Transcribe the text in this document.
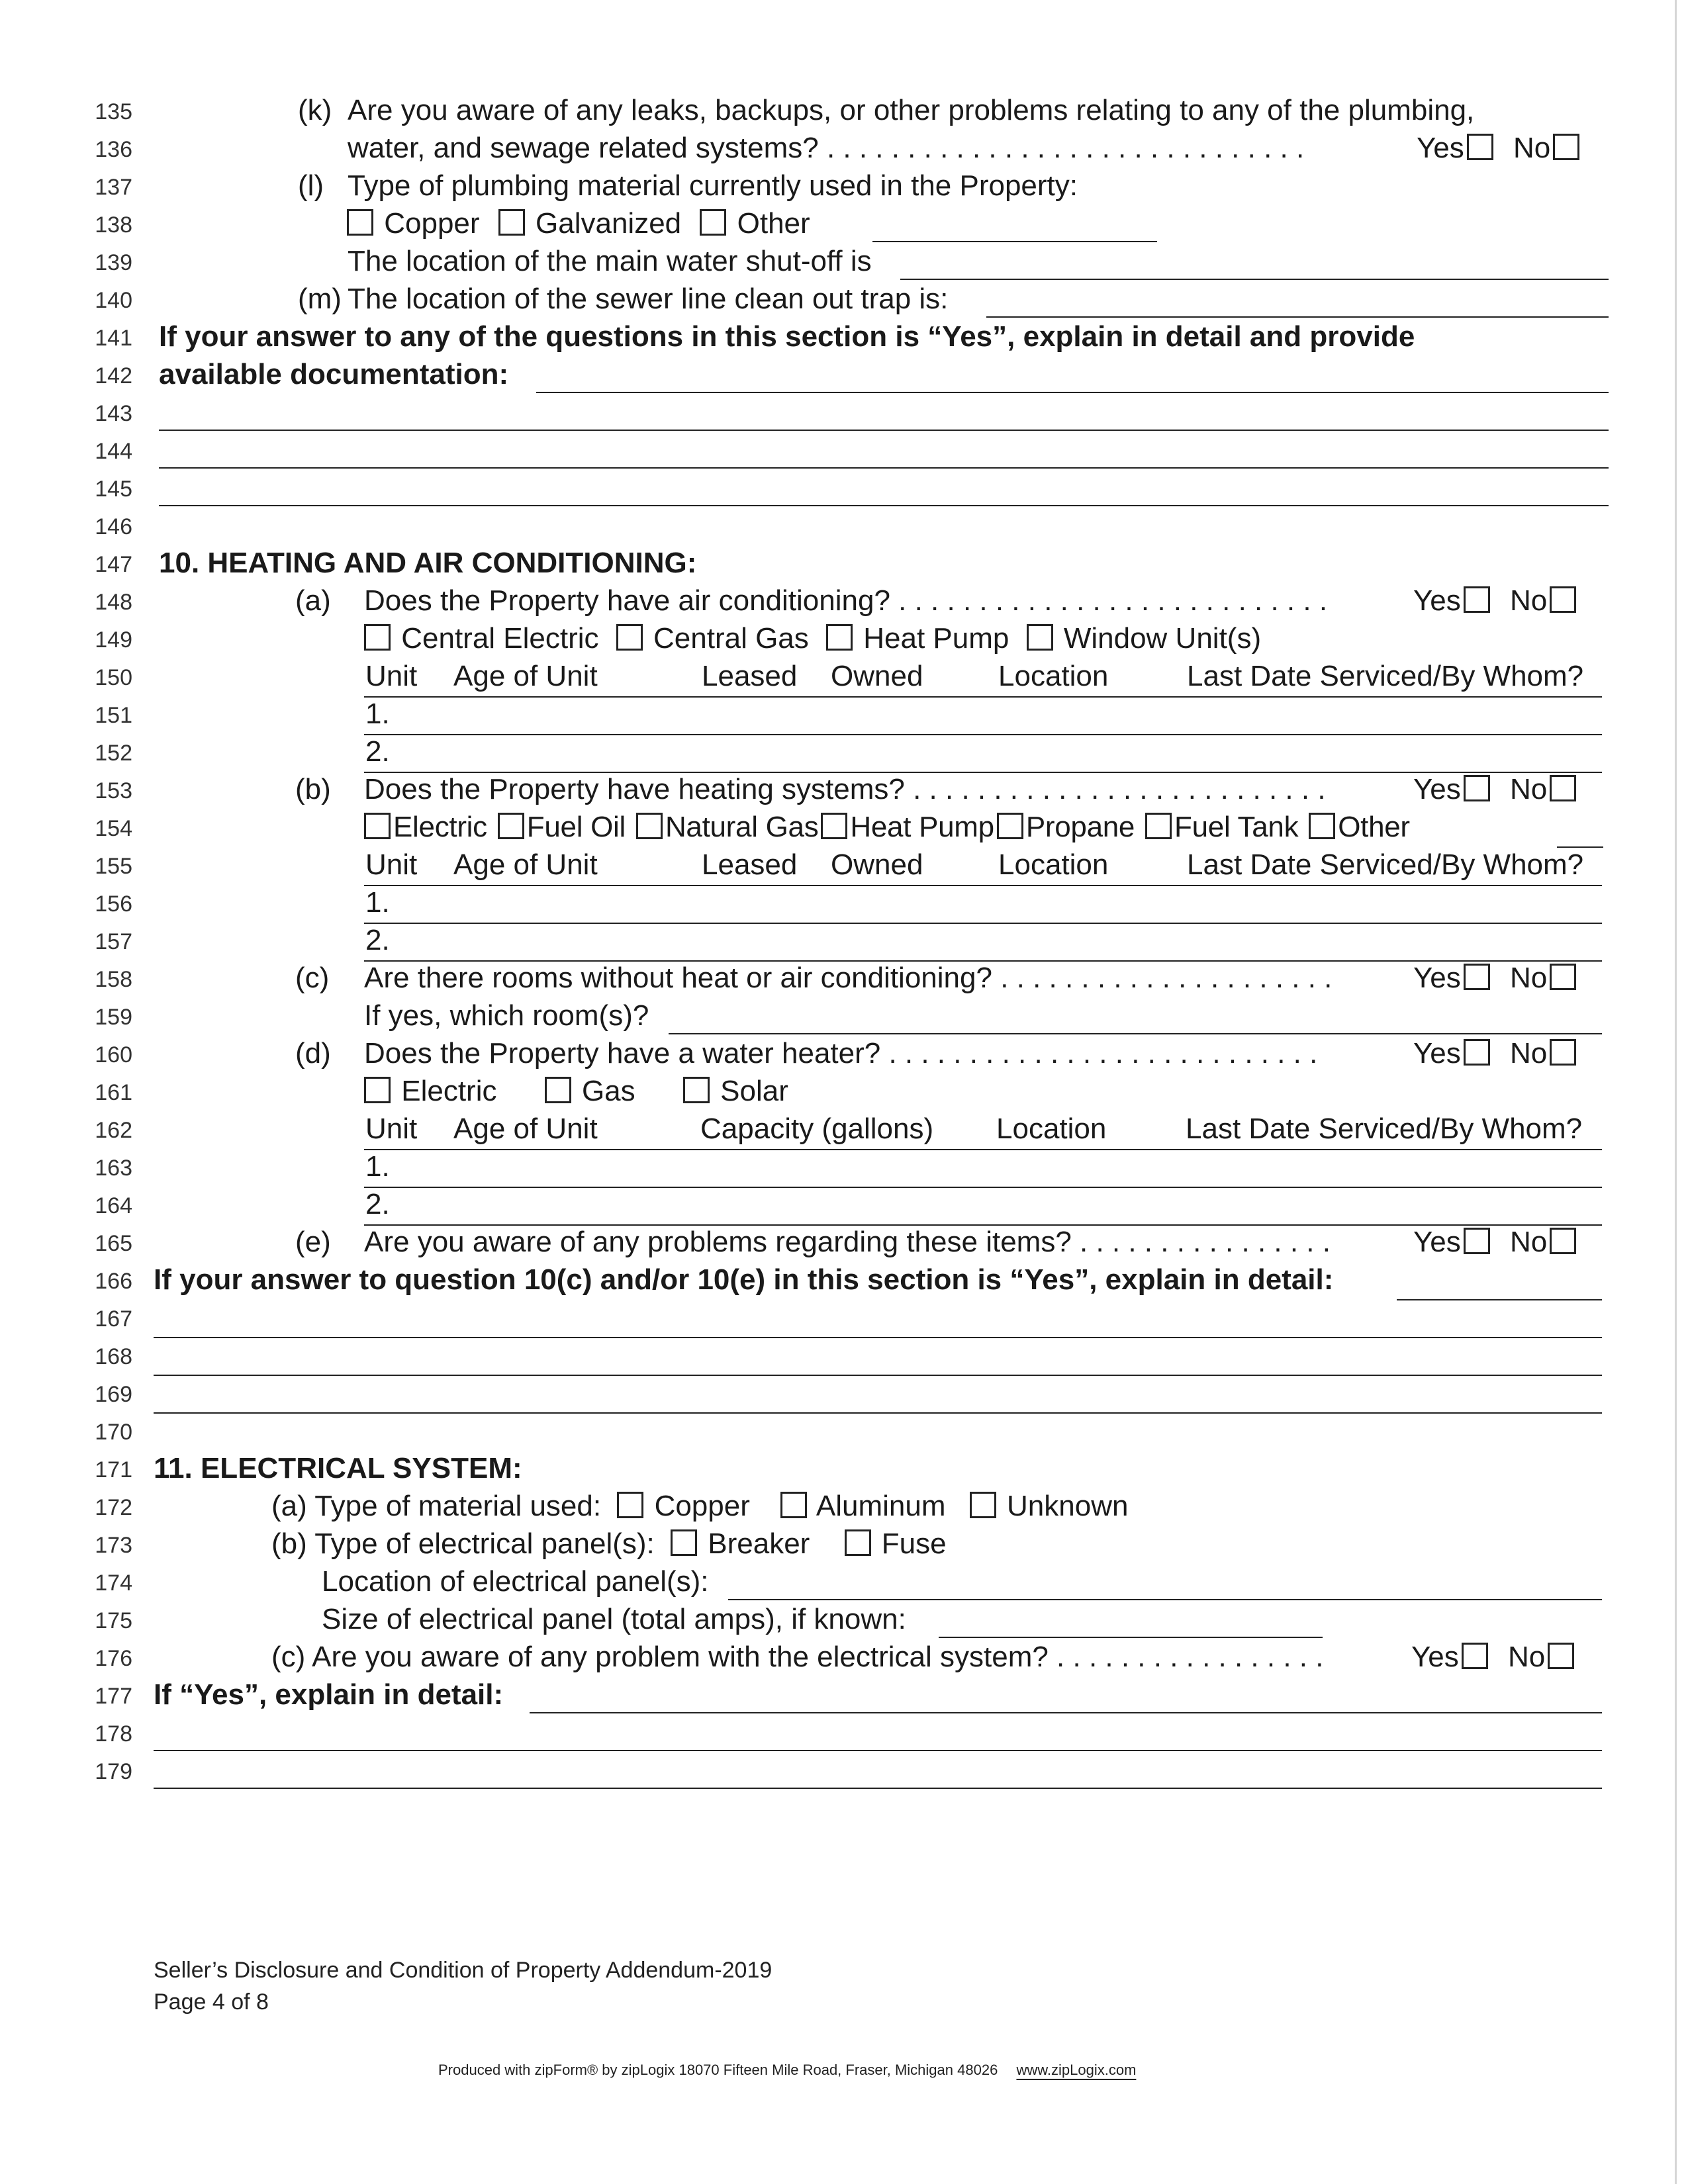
135
136
137
138
139
140
141
142
143
144
145
146
147
148
149
150
151
152
153
154
155
156
157
158
159
160
161
162
163
164
165
166
167
168
169
170
171
172
173
174
175
176
177
178
179
(k) Are you aware of any leaks, backups, or other problems relating to any of the plumbing,
water, and sewage related systems? . . . . . . . . . . . . . . . . . . . . . . . . . . . . . .	Yes No
(l) Type of plumbing material currently used in the Property:
Copper Galvanized Other
The location of the main water shut-off is
(m) The location of the sewer line clean out trap is:
If your answer to any of the questions in this section is “Yes”, explain in detail and provide
available documentation:
10. HEATING AND AIR CONDITIONING:
(a) Does the Property have air conditioning? . . . . . . . . . . . . . . . . . . . . . . . . . . .	Yes No
Central Electric Central Gas Heat Pump Window Unit(s)
Unit Age of Unit	Leased Owned	Location	Last Date Serviced/By Whom?
1.
2.
(b) Does the Property have heating systems? . . . . . . . . . . . . . . . . . . . . . . . . . .	Yes No
Electric Fuel Oil Natural Gas Heat Pump Propane Fuel Tank Other
Unit Age of Unit	Leased Owned	Location	Last Date Serviced/By Whom?
1.
2.
(c) Are there rooms without heat or air conditioning? . . . . . . . . . . . . . . . . . . . . .	Yes No
If yes, which room(s)?
(d) Does the Property have a water heater? . . . . . . . . . . . . . . . . . . . . . . . . . . .	Yes No
Electric	Gas	Solar
Unit Age of Unit	Capacity (gallons) Location	Last Date Serviced/By Whom?
1.
2.
(e) Are you aware of any problems regarding these items? . . . . . . . . . . . . . . . .	Yes No
If your answer to question 10(c) and/or 10(e) in this section is “Yes”, explain in detail:
11. ELECTRICAL SYSTEM:
(a) Type of material used: Copper Aluminum Unknown
(b) Type of electrical panel(s): Breaker Fuse
Location of electrical panel(s):
Size of electrical panel (total amps), if known:
(c) Are you aware of any problem with the electrical system? . . . . . . . . . . . . . . . . .	Yes No
If “Yes”, explain in detail:
Seller’s Disclosure and Condition of Property Addendum-2019
Page 4 of 8
Produced with zipForm® by zipLogix 18070 Fifteen Mile Road, Fraser, Michigan 48026 www.zipLogix.com
